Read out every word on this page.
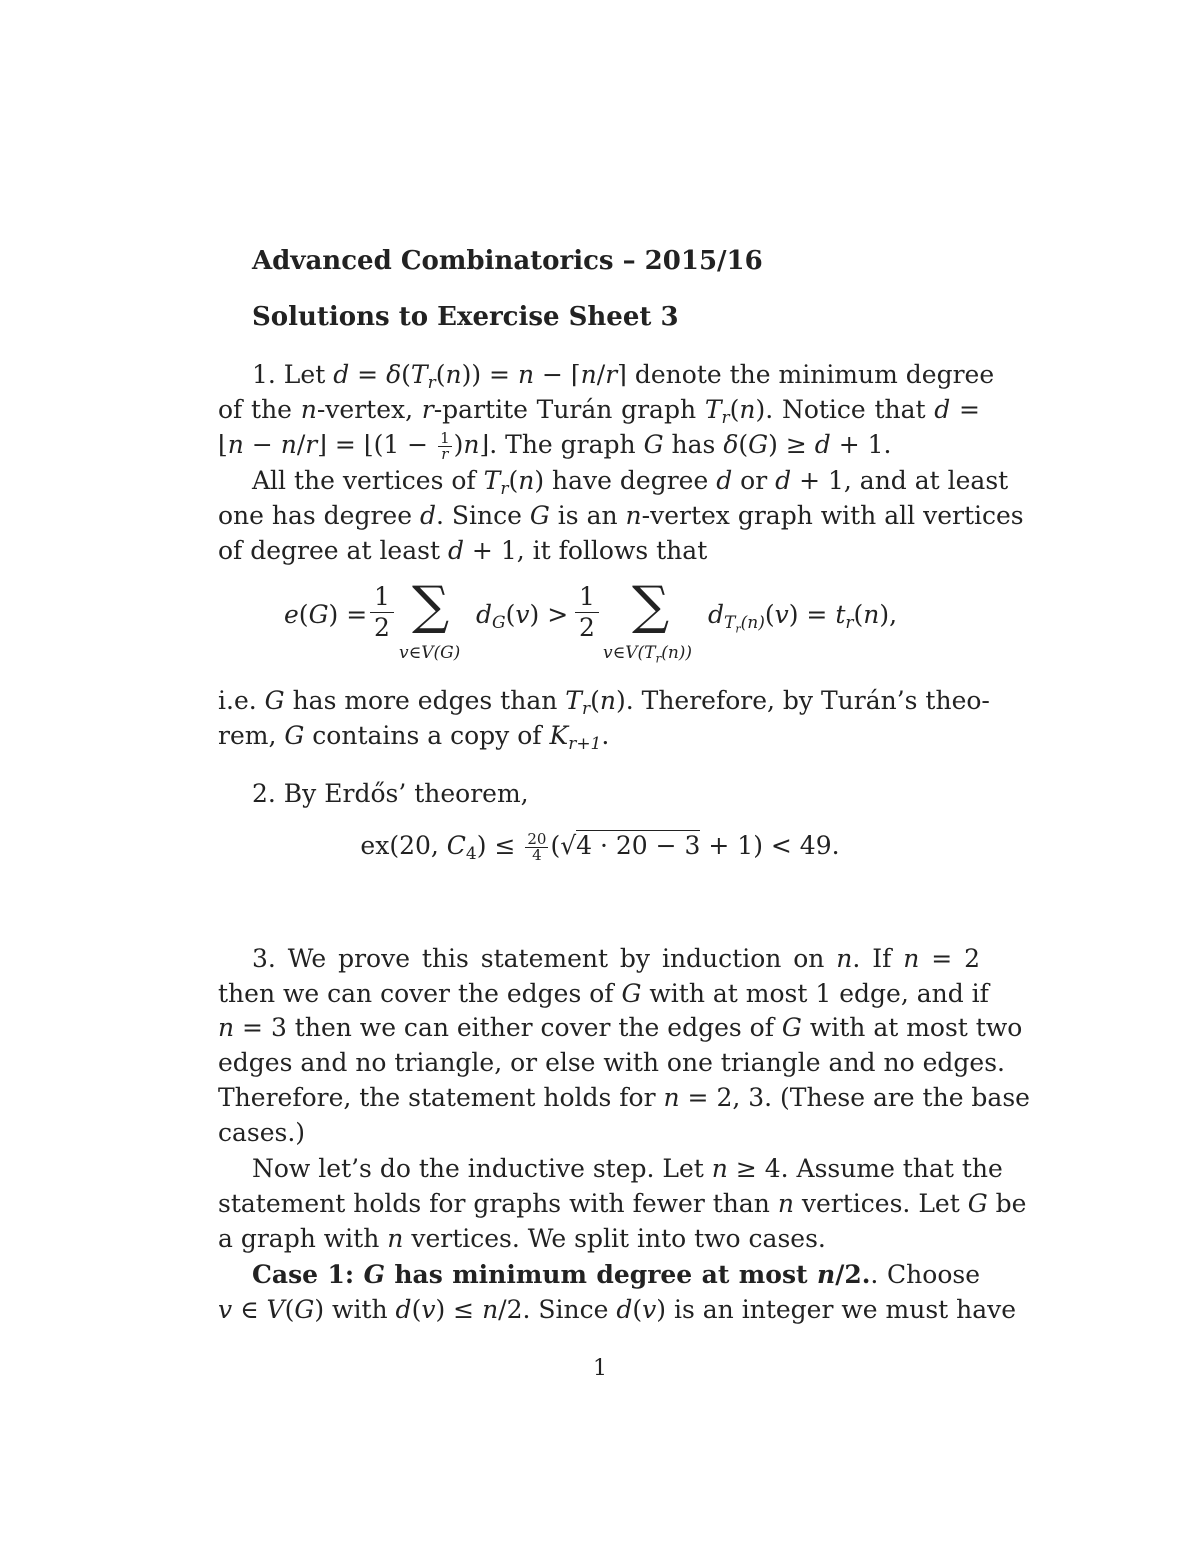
Advanced Combinatorics – 2015/16
Solutions to Exercise Sheet 3
1. Let $d = \delta(T_r(n)) = n$ − ⌈n/r⌉ denote the minimum degree
of the n-vertex, r-partite Turán graph $T_r(n)$. Notice that d =
⌊n − n/r⌋ = ⌊(1 − $\frac{1}{r}$ )n⌋. The graph G has δ(G) ≥ d + 1.
All the vertices of $T_r(n)$ have degree d or d + 1, and at least
one has degree d. Since G is an n-vertex graph with all vertices
of degree at least d + 1, it follows that
$e(G) = \frac{1}{2}$ ∑
v∈V(G)
$d_G(v) > \frac{1}{2}$ ∑
$v\in V(T_r(n))$
$d_{T_r(n)}(v) = t_r(n)$,
i.e. G has more edges than $T_r(n)$. Therefore, by Turán’s theo-
rem, G contains a copy of $K_{r+1}$.
2. By Erdős’ theorem,
ex(20, $C_4) \le \frac{20}{4} (√4 \cdot 20 - 3 + 1) < 49$.
3. We prove this statement by induction on n. If n = 2
then we can cover the edges of G with at most 1 edge, and if
n = 3 then we can either cover the edges of G with at most two
edges and no triangle, or else with one triangle and no edges.
Therefore, the statement holds for n = 2, 3. (These are the base
cases.)
Now let’s do the inductive step. Let n ≥ 4. Assume that the
statement holds for graphs with fewer than n vertices. Let G be
a graph with n vertices. We split into two cases.
Case 1: G has minimum degree at most n/2.. Choose
v ∈ V(G) with d(v) ≤ n/2. Since d(v) is an integer we must have
1
